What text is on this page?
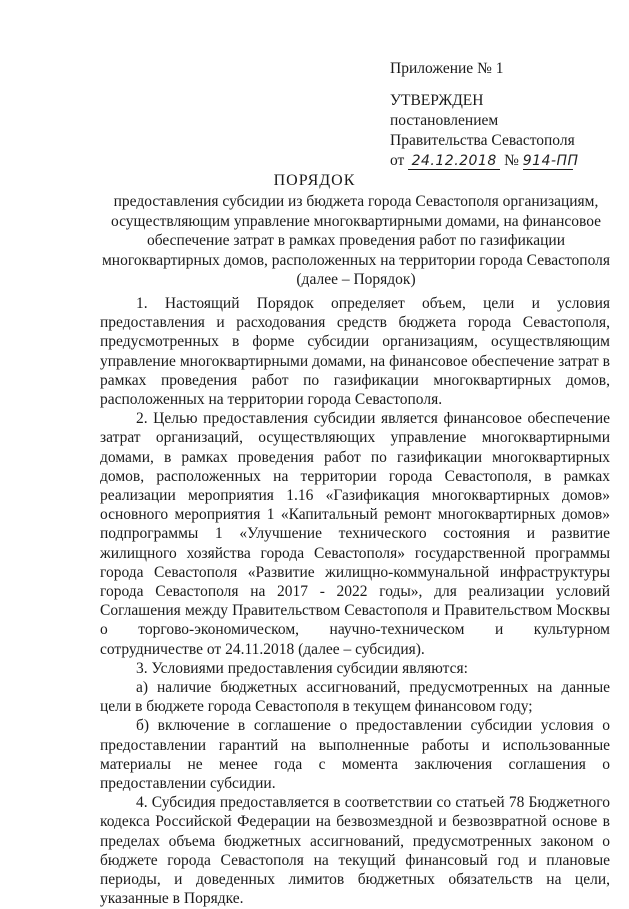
Приложение № 1
УТВЕРЖДЕН
постановлением
Правительства Севастополя
от 24.12.2018 № 914-ПП
ПОРЯДОК
предоставления субсидии из бюджета города Севастополя организациям, осуществляющим управление многоквартирными домами, на финансовое обеспечение затрат в рамках проведения работ по газификации многоквартирных домов, расположенных на территории города Севастополя (далее – Порядок)

1. Настоящий Порядок определяет объем, цели и условия предоставления и расходования средств бюджета города Севастополя, предусмотренных в форме субсидии организациям, осуществляющим управление многоквартирными домами, на финансовое обеспечение затрат в рамках проведения работ по газификации многоквартирных домов, расположенных на территории города Севастополя.

2. Целью предоставления субсидии является финансовое обеспечение затрат организаций, осуществляющих управление многоквартирными домами, в рамках проведения работ по газификации многоквартирных домов, расположенных на территории города Севастополя, в рамках реализации мероприятия 1.16 «Газификация многоквартирных домов» основного мероприятия 1 «Капитальный ремонт многоквартирных домов» подпрограммы 1 «Улучшение технического состояния и развитие жилищного хозяйства города Севастополя» государственной программы города Севастополя «Развитие жилищно-коммунальной инфраструктуры города Севастополя на 2017 - 2022 годы», для реализации условий Соглашения между Правительством Севастополя и Правительством Москвы о торгово-экономическом, научно-техническом и культурном сотрудничестве от 24.11.2018 (далее – субсидия).

3. Условиями предоставления субсидии являются:

а) наличие бюджетных ассигнований, предусмотренных на данные цели в бюджете города Севастополя в текущем финансовом году;

б) включение в соглашение о предоставлении субсидии условия о предоставлении гарантий на выполненные работы и использованные материалы не менее года с момента заключения соглашения о предоставлении субсидии.

4. Субсидия предоставляется в соответствии со статьей 78 Бюджетного кодекса Российской Федерации на безвозмездной и безвозвратной основе в пределах объема бюджетных ассигнований, предусмотренных законом о бюджете города Севастополя на текущий финансовый год и плановые периоды, и доведенных лимитов бюджетных обязательств на цели, указанные в Порядке.
